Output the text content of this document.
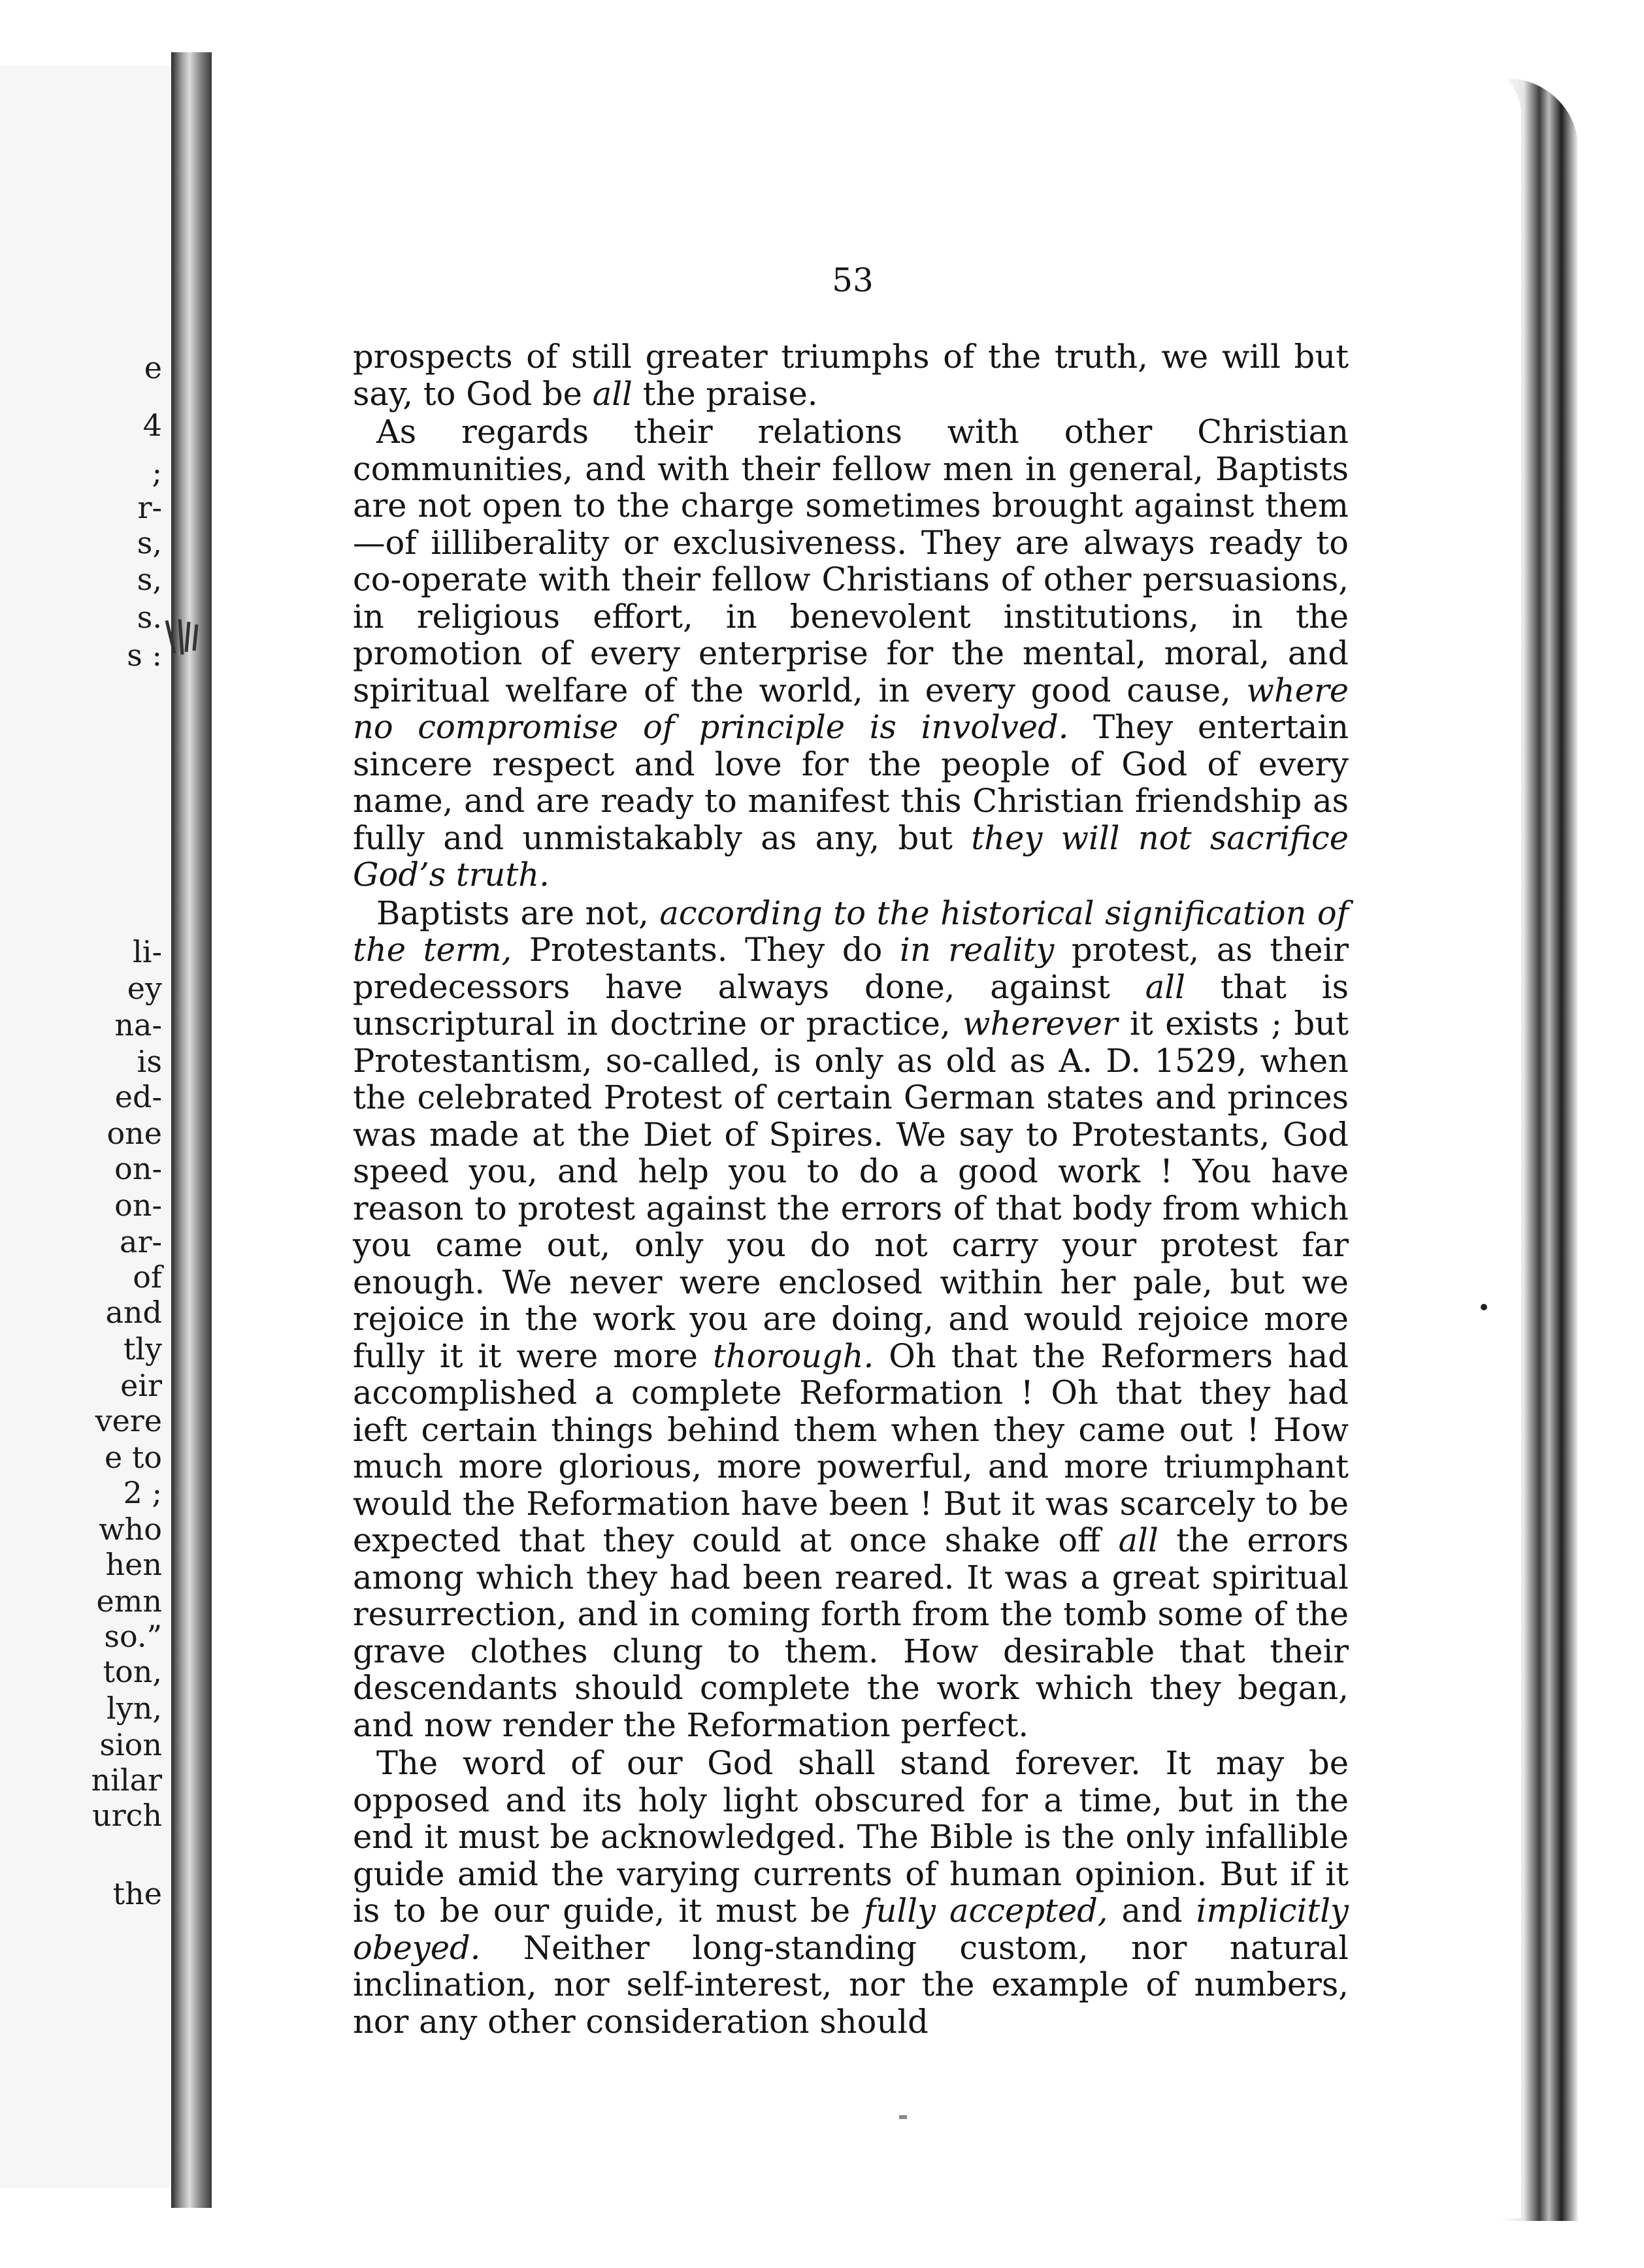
e
4
;
r-
s,
s,
s.
s :
li-
ey
na-
is
ed-
one
on-
on-
ar-
of
and
tly
eir
vere
e to
2 ;
who
hen
emn
so.”
ton,
lyn,
sion
nilar
urch
the
53

prospects of still greater triumphs of the truth, we will but say, to God be all the praise.

As regards their relations with other Christian communities, and with their fellow men in general, Baptists are not open to the charge sometimes brought against them—of iilliberality or exclusiveness. They are always ready to co-operate with their fellow Christians of other persuasions, in religious effort, in benevolent institutions, in the promotion of every enterprise for the mental, moral, and spiritual welfare of the world, in every good cause, where no compromise of principle is involved. They entertain sincere respect and love for the people of God of every name, and are ready to manifest this Christian friendship as fully and unmistakably as any, but they will not sacrifice God’s truth.

Baptists are not, according to the historical signification of the term, Protestants. They do in reality protest, as their predecessors have always done, against all that is unscriptural in doctrine or practice, wherever it exists ; but Protestantism, so-called, is only as old as A. D. 1529, when the celebrated Protest of certain German states and princes was made at the Diet of Spires. We say to Protestants, God speed you, and help you to do a good work ! You have reason to protest against the errors of that body from which you came out, only you do not carry your protest far enough. We never were enclosed within her pale, but we rejoice in the work you are doing, and would rejoice more fully it it were more thorough. Oh that the Reformers had accomplished a complete Reformation ! Oh that they had ieft certain things behind them when they came out ! How much more glorious, more powerful, and more triumphant would the Reformation have been ! But it was scarcely to be expected that they could at once shake off all the errors among which they had been reared. It was a great spiritual resurrection, and in coming forth from the tomb some of the grave clothes clung to them. How desirable that their descendants should complete the work which they began, and now render the Reformation perfect.

The word of our God shall stand forever. It may be opposed and its holy light obscured for a time, but in the end it must be acknowledged. The Bible is the only infallible guide amid the varying currents of human opinion. But if it is to be our guide, it must be fully accepted, and implicitly obeyed. Neither long-standing custom, nor natural inclination, nor self-interest, nor the example of numbers, nor any other consideration should
